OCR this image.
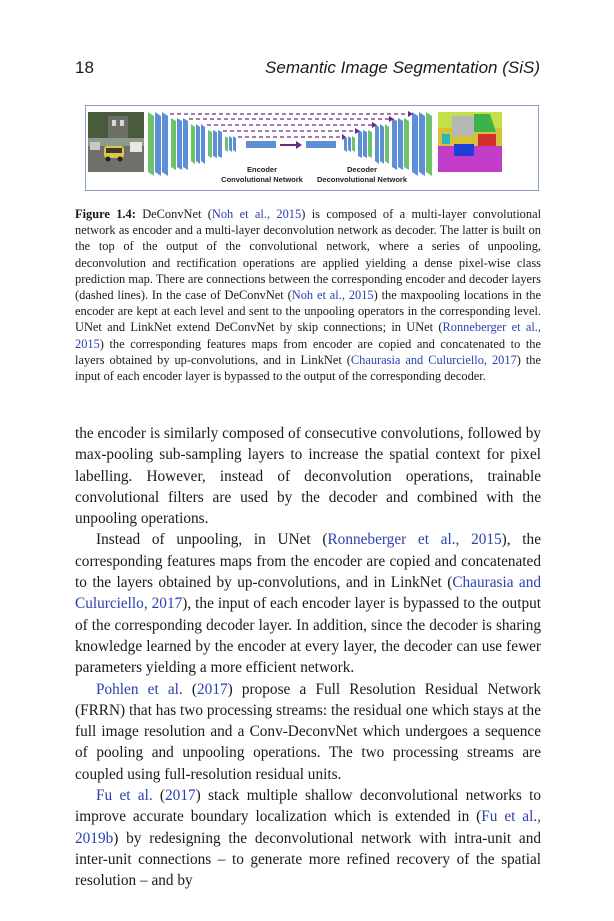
18	Semantic Image Segmentation (SiS)
Encoder
Convolutional Network
Decoder
Deconvolutional Network
Figure 1.4: DeConvNet (Noh et al., 2015) is composed of a multi-layer convolutional network as encoder and a multi-layer deconvolution network as decoder. The latter is built on the top of the output of the convolutional network, where a series of unpooling, deconvolution and rectification operations are applied yielding a dense pixel-wise class prediction map. There are connections between the corresponding encoder and decoder layers (dashed lines). In the case of DeConvNet (Noh et al., 2015) the maxpooling locations in the encoder are kept at each level and sent to the unpooling operators in the corresponding level. UNet and LinkNet extend DeConvNet by skip connections; in UNet (Ronneberger et al., 2015) the corresponding features maps from encoder are copied and concatenated to the layers obtained by up-convolutions, and in LinkNet (Chaurasia and Culurciello, 2017) the input of each encoder layer is bypassed to the output of the corresponding decoder.

the encoder is similarly composed of consecutive convolutions, followed by max-pooling sub-sampling layers to increase the spatial context for pixel labelling. However, instead of deconvolution operations, trainable convolutional filters are used by the decoder and combined with the unpooling operations.

Instead of unpooling, in UNet (Ronneberger et al., 2015), the corresponding features maps from the encoder are copied and concatenated to the layers obtained by up-convolutions, and in LinkNet (Chaurasia and Culurciello, 2017), the input of each encoder layer is bypassed to the output of the corresponding decoder layer. In addition, since the decoder is sharing knowledge learned by the encoder at every layer, the decoder can use fewer parameters yielding a more efficient network.

Pohlen et al. (2017) propose a Full Resolution Residual Network (FRRN) that has two processing streams: the residual one which stays at the full image resolution and a Conv-DeconvNet which undergoes a sequence of pooling and unpooling operations. The two processing streams are coupled using full-resolution residual units.

Fu et al. (2017) stack multiple shallow deconvolutional networks to improve accurate boundary localization which is extended in (Fu et al., 2019b) by redesigning the deconvolutional network with intra-unit and inter-unit connections – to generate more refined recovery of the spatial resolution – and by
